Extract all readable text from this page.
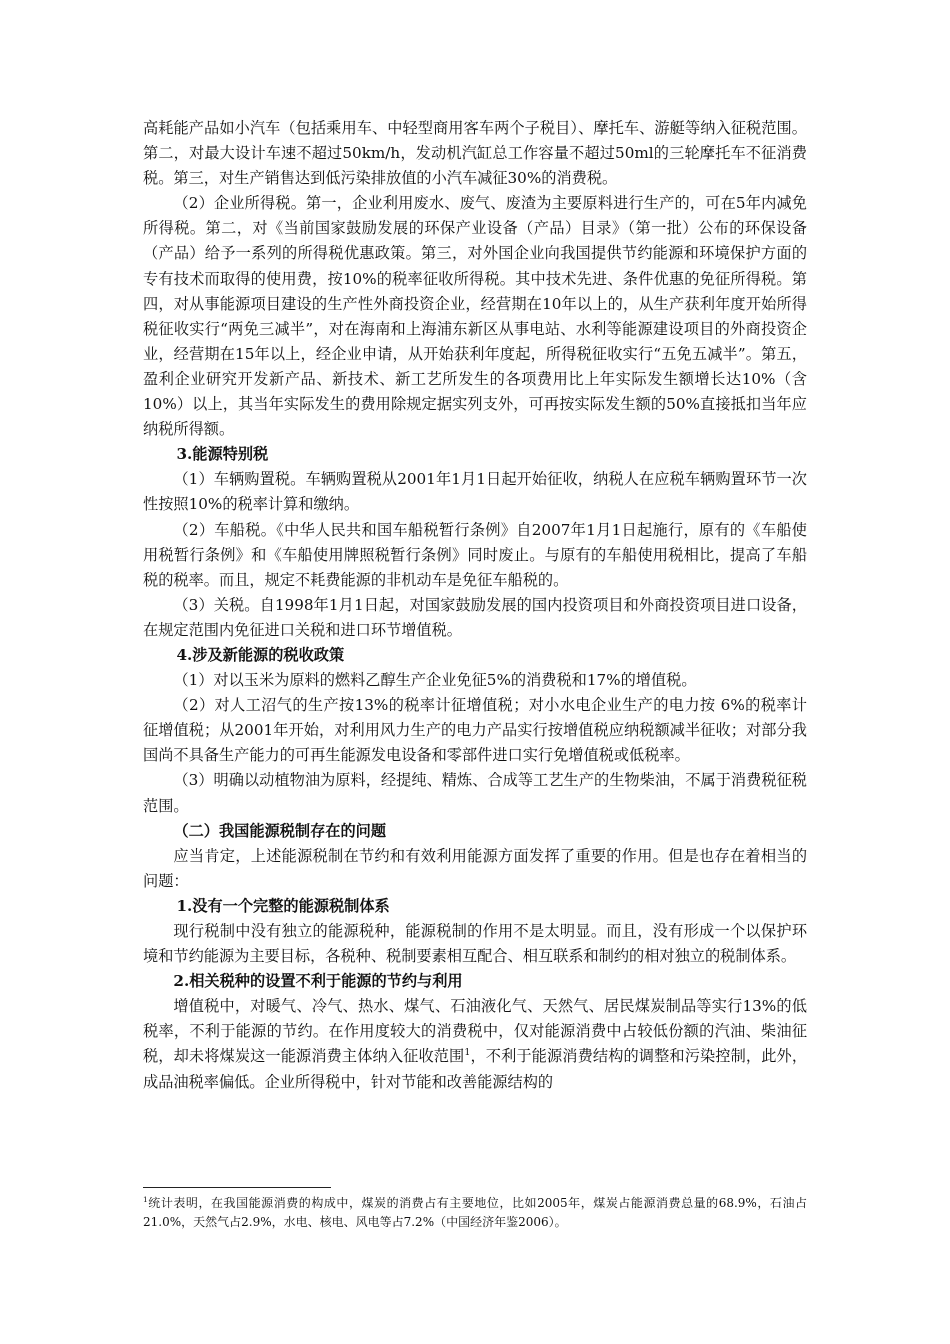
高耗能产品如小汽车（包括乘用车、中轻型商用客车两个子税目）、摩托车、游艇等纳入征税范围。第二，对最大设计车速不超过50km/h，发动机汽缸总工作容量不超过50ml的三轮摩托车不征消费税。第三，对生产销售达到低污染排放值的小汽车减征30%的消费税。

（2）企业所得税。第一，企业利用废水、废气、废渣为主要原料进行生产的，可在5年内减免所得税。第二，对《当前国家鼓励发展的环保产业设备（产品）目录》（第一批）公布的环保设备（产品）给予一系列的所得税优惠政策。第三，对外国企业向我国提供节约能源和环境保护方面的专有技术而取得的使用费，按10%的税率征收所得税。其中技术先进、条件优惠的免征所得税。第四，对从事能源项目建设的生产性外商投资企业，经营期在10年以上的，从生产获利年度开始所得税征收实行“两免三减半”，对在海南和上海浦东新区从事电站、水利等能源建设项目的外商投资企业，经营期在15年以上，经企业申请，从开始获利年度起，所得税征收实行“五免五减半”。第五，盈利企业研究开发新产品、新技术、新工艺所发生的各项费用比上年实际发生额增长达10%（含10%）以上，其当年实际发生的费用除规定据实列支外，可再按实际发生额的50%直接抵扣当年应纳税所得额。

3.能源特别税

（1）车辆购置税。车辆购置税从2001年1月1日起开始征收，纳税人在应税车辆购置环节一次性按照10%的税率计算和缴纳。

（2）车船税。《中华人民共和国车船税暂行条例》自2007年1月1日起施行，原有的《车船使用税暂行条例》和《车船使用牌照税暂行条例》同时废止。与原有的车船使用税相比，提高了车船税的税率。而且，规定不耗费能源的非机动车是免征车船税的。

（3）关税。自1998年1月1日起，对国家鼓励发展的国内投资项目和外商投资项目进口设备，在规定范围内免征进口关税和进口环节增值税。

4.涉及新能源的税收政策

（1）对以玉米为原料的燃料乙醇生产企业免征5%的消费税和17%的增值税。

（2）对人工沼气的生产按13%的税率计征增值税；对小水电企业生产的电力按 6%的税率计征增值税；从2001年开始，对利用风力生产的电力产品实行按增值税应纳税额减半征收；对部分我国尚不具备生产能力的可再生能源发电设备和零部件进口实行免增值税或低税率。

（3）明确以动植物油为原料，经提纯、精炼、合成等工艺生产的生物柴油，不属于消费税征税范围。

（二）我国能源税制存在的问题

应当肯定，上述能源税制在节约和有效利用能源方面发挥了重要的作用。但是也存在着相当的问题：

1.没有一个完整的能源税制体系

现行税制中没有独立的能源税种，能源税制的作用不是太明显。而且，没有形成一个以保护环境和节约能源为主要目标，各税种、税制要素相互配合、相互联系和制约的相对独立的税制体系。

2.相关税种的设置不利于能源的节约与利用

增值税中，对暖气、冷气、热水、煤气、石油液化气、天然气、居民煤炭制品等实行13%的低税率，不利于能源的节约。在作用度较大的消费税中，仅对能源消费中占较低份额的汽油、柴油征税，却未将煤炭这一能源消费主体纳入征收范围$^1$，不利于能源消费结构的调整和污染控制，此外，成品油税率偏低。企业所得税中，针对节能和改善能源结构的

$^1$统计表明，在我国能源消费的构成中，煤炭的消费占有主要地位，比如2005年，煤炭占能源消费总量的68.9%，石油占21.0%，天然气占2.9%，水电、核电、风电等占7.2%（中国经济年鉴2006）。
